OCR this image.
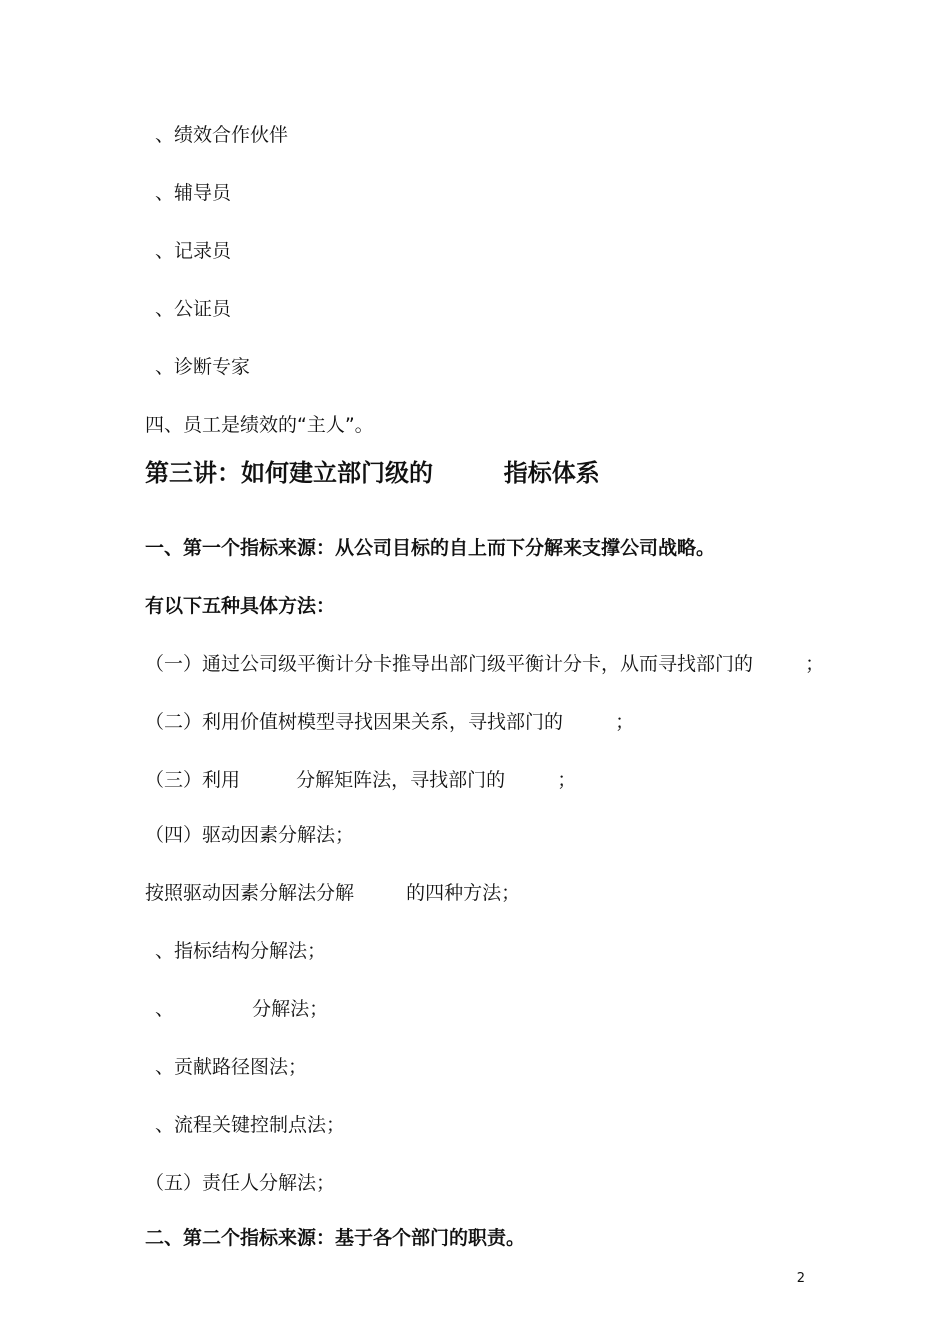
、绩效合作伙伴
、辅导员
、记录员
、公证员
、诊断专家
四、员工是绩效的“主人”。
第三讲：如何建立部门级的	指标体系
一、第一个指标来源：从公司目标的自上而下分解来支撑公司战略。
有以下五种具体方法：
（一）通过公司级平衡计分卡推导出部门级平衡计分卡，从而寻找部门的	；
（二）利用价值树模型寻找因果关系，寻找部门的	；
（三）利用	分解矩阵法，寻找部门的	；
（四）驱动因素分解法；
按照驱动因素分解法分解	的四种方法；
、指标结构分解法；
、	分解法；
、贡献路径图法；
、流程关键控制点法；
（五）责任人分解法；
二、第二个指标来源：基于各个部门的职责。
2
